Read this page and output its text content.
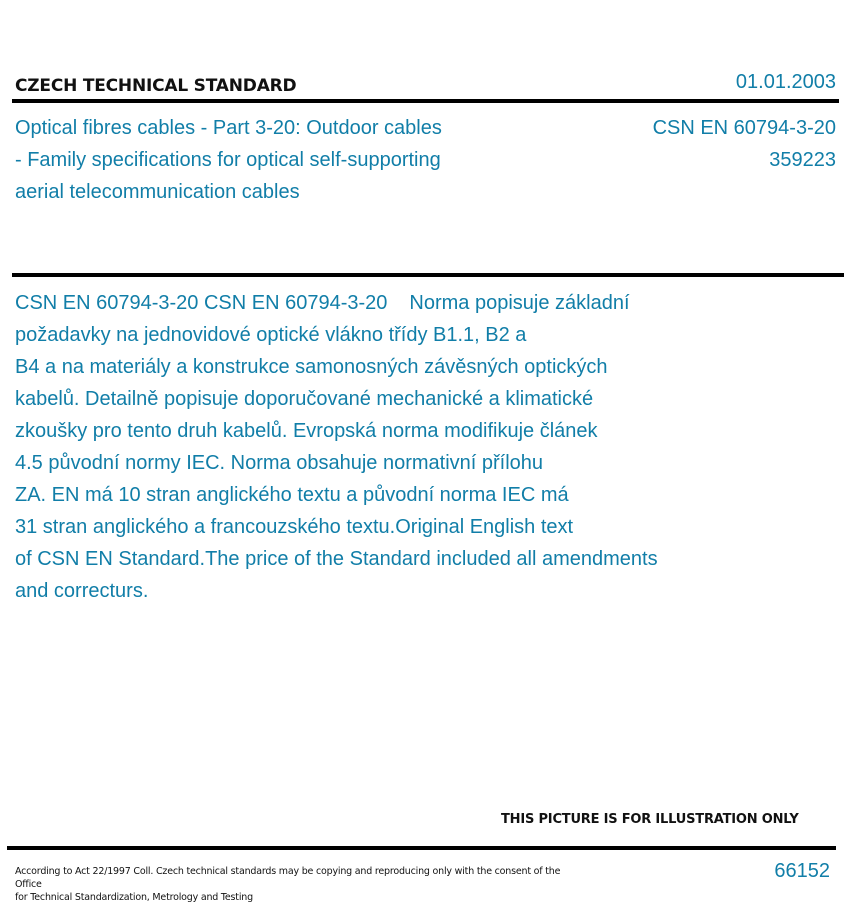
CZECH TECHNICAL STANDARD	01.01.2003
Optical fibres cables - Part 3-20: Outdoor cables
- Family specifications for optical self-supporting
aerial telecommunication cables
CSN EN 60794-3-20
359223
CSN EN 60794-3-20 CSN EN 60794-3-20 Norma popisuje základní
požadavky na jednovidové optické vlákno třídy B1.1, B2 a
B4 a na materiály a konstrukce samonosných závěsných optických
kabelů. Detailně popisuje doporučované mechanické a klimatické
zkoušky pro tento druh kabelů. Evropská norma modifikuje článek
4.5 původní normy IEC. Norma obsahuje normativní přílohu
ZA. EN má 10 stran anglického textu a původní norma IEC má
31 stran anglického a francouzského textu.Original English text
of CSN EN Standard.The price of the Standard included all amendments
and correcturs.
THIS PICTURE IS FOR ILLUSTRATION ONLY
According to Act 22/1997 Coll. Czech technical standards may be copying and reproducing only with the consent of the Office
for Technical Standardization, Metrology and Testing
66152
